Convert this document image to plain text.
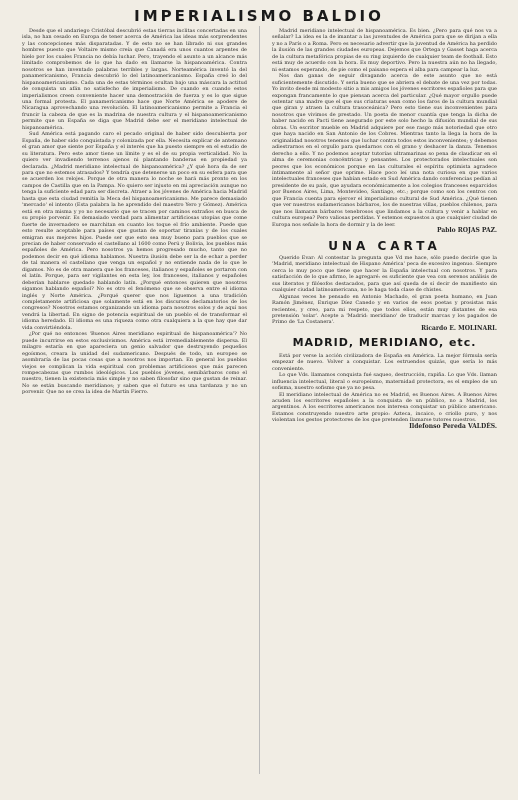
IMPERIALISMO BALDIO

Desde que el andariego Cristóbal descubrió estas tierras ínclitas concertadas en una isla, no han cesado en Europa de tener acerca de América las ideas más sorprendentes y las concepciones más disparatadas. Y de esto no se han librado ni sus grandes hombres puesto que Voltaire mismo creía que Canadá era unos cuantos arpentes de hielo por los cuales Francia no debía luchar. Pero, trayendo el asunto a un alcance más limitado comprobemos de lo que ha dado en llamarse la hispanoamérica. Contra nosotros se han inventado palabras terribles y largas. Norteamérica inventó la del panamericanismo, Francia descubrió lo del latinoamericanismo. España creó lo del hispanoamericanismo. Cada una de estas términos ocultan bajo una máscara la actitud de conquista un afán no satisfecho de imperialismo. De cuando en cuando estos imperialismos creen conveniente hacer una demostración de fuerza y es lo que sigue una formal protesta. El panamericanismo hace que Norte América se apodere de Nicaragua aprovechando una revolución. El latinoamericanismo permite a Francia el fruncir la cabeza de que es la madrina de nuestra cultura y el hispanoamericanismo permite que un España se diga que Madrid debe ser el meridiano intelectual de hispanoamérica.

Sud América está pagando caro el pecado original de haber sido descubierta por España, de haber sido conquistada y colonizada por ella. Necesita explicar de antemano el gran amor que siente por España y el interés que ha puesto siempre en el estudio de su literatura. Pero este amor tiene un límite y es el de su propia verticalidad. No la quiero ver invadiendo terrenos ajenos ni plantando banderas en propiedad ya declarada. ¿Madrid meridiano intelectual de hispanoamérica? ¿Y qué hora da de ser para que no estemos atrasados? Y tendría que detenerse un poco en su esfera para que se acuerden los relojes. Porque de otra manera lo noche se hará más pronto en los campos de Castilla que en la Pampa. No quiero ser injusto en mi apreciación aunque no tenga la suficiente edad para ser discreta. Atraer a los jóvenes de América hacia Madrid hasta que esta ciudad remitía la Meca del hispanoamericanismo. Me parece demasiado 'mercado' el intento (Esta palabra la he aprendido del maestro Yero y Gómez). América está en otra misma y yo no necesario que se tracen por caminos extraños en busca de su propio porvenir. Es demasiado verdad para alimentar artificiosas utopías que come fuerte de invernadero se marchitan en cuanto los toque el frío ambiente. Puede que esto resulte aceptable para países que gustan de soportar tiranías y de los cuales emigran sus mejores hijos. Puede ser que esto sea muy bueno para pueblos que se precian de haber conservado el castellano al 1600 como Perú y Bolivia, los pueblos más españoles de América. Pero nosotros ya hemos progresado mucho, tanto que no podemos decir en qué idioma hablamos. Nuestra ilusión debe ser la de echar a perder de tal manera el castellano que venga un español y no entiende nada de lo que le digamos. No es de otra manera que los franceses, italianos y españoles se portaron con el latín. Porque, para ser vigilantes en esta ley, los franceses, italianos y españoles deberían hablarse quedado hablando latín. ¿Porqué entonces quieren que nosotros sigamos hablando español? No es otro el fenómeno que se observa entre el idioma inglés y Norte América. ¿Porqué querer que nos liguemos a una tradición completamente artificiosa que solamente está en los discursos declamatorios de los congresos? Nosotros estamos organizando un idioma para nosotros solos y de aquí nos vendrá la libertad. En signo de potencia espiritual de un pueblo el de transformar el idioma heredado. El idioma es una riqueza como otra cualquiera a la que hay que dar vida convirtiéndola.

¿Por qué no entonces 'Buenos Aires meridiano espiritual de hispanoamérica'? No puede incurrirse en estos exclusivismos. América está irremediablemente dispersa. El milagro estaría en que apareciera un genio salvador que destruyendo pequeños egoísmos, creara la unidad del sudamericano. Después de todo, un europeo se asombraría de las pocas cosas que a nosotros nos importan. En general los pueblos viejos se complican la vida espiritual con problemas artificiosos que más parecen rompecabezas que rumbos ideológicos. Los pueblos jóvenes, semibárbaros como el nuestro, tienen la existencia más simple y no saben filosofar sino que gustan de reinar. No se están buscando meridianos; y saben que el futuro es una tardanza y no un porvenir. Que no se crea la idea de Martín Fierro.

Madrid meridiano intelectual de hispanoamérica. Es bien. ¿Pero para qué nos va a señalar? La idea es la de imantar a las juventudes de América para que se dirijan a ella y no a París o a Roma. Pero es necesario advertir que la juventud de América ha perdido la ilusión de las grandes ciudades europeas. Dejemos que Ortega y Gasset haga acerca de la cultura metafórica propias de su ring izquierdo de cualquier team de football. Esto está muy de acuerdo con la hora. Es muy deportivo. Pero la nuestra aún no ha llegado, ni estamos esperando, de pie como el paisano espera el alba para campear la luz.

Nos dan ganas de seguir divagando acerca de este asunto que no está suficientemente discutido. Y seria bueno que se abriera el debate de una vez por todas. Yo invito desde mi modesto sitio a mis amigos los jóvenes escritores españoles para que expongan francamente lo que piensan acerca del particular. ¿Qué mayor orgullo puede ostentar una madre que el que sus criaturas sean como los faros de la cultura mundial que giran y atraen la cultura trasoceánica? Pero esto tiene sus inconvenientes para nosotros que vivimos de prestado. Un poeta de menor cuantía que tenga la dicha de haber nacido en Pacti tiene asegurado por este solo hecho la difusión mundial de sus obras. Un escritor mueble en Madrid adquiere por ese rasgo más notoriedad que otro que haya nacido en San Antonio de los Cobres. Mientras tanto la llega la hora de la originalidad nosotros tenemos que luchar contra todos estos inconvenientes; y debemos adiestrarnos en el orgullo para quedarnos con el grano y deshacer la danza. Tenemos derecho a ello. Y no podemos aceptar tutorías ultramarinas so pena de claudicar en el alma de ceremonias concéntricas y pensantes. Los protectorados intelectuales son peores que los económicos porque en las culturales el espíritu optimista agradece íntimamente al señor que oprime. Hace poco leí una nota curiosa en que varios intelectuales franceses que habían estado en Sud América dando conferencias pedían al presidente de su país, que ayudara económicamente a los colegios franceses esparcidos por Buenos Aires, Lima, Montevideo, Santiago, etc.; porque como son los centros con que Francia cuenta para ejercer el imperialismo cultural de Sud América. ¿Qué tienen que ver nuestros sudamericanos bárbaros, los de nuestras villas, pueblos chilenos, para que nos llamaran bárbaros tenebrosos que lindamos a la cultura y venir a hablar en cultura europea? Pero valiosas perdidas. Y estemos expuestos a que cualquier ciudad de Europa nos señale la hora de dormir y la de leer.

Pablo ROJAS PAZ.

UNA CARTA

Querido Evar: Al contestar la pregunta que Vd me hace, sólo puedo decirle que la 'Madrid, meridiano intelectual de Hispano América' peca de excesivo ingenuo. Siempre cerca lo muy poco que tiene que hacer la España intelectual con nosotros. Y para satisfacción de lo que afirmo, le agregaré: es suficiente que vea con serenos análisis de sus literatos y filósofos destacados, para que así queda de sí decir de manifiesto sin cualquier ciudad latinoamericana, no le haga toda clase de chistes.

Algunas veces he pensado en Antonio Machado, el gran poeta humano, en Juan Ramón Jiménez, Enrique Díez Canedo y en varios de esos poetas y prosistas más recientes, y creo, para mi respeto, que todos ellos, están muy distantes de esa pretensión 'solar'. Acepte a 'Madrid: meridiano' de traducir marcas y los pagados de Primo de 'La Costanera'.

Ricardo E. MOLINARI.

MADRID, MERIDIANO, etc.

Está por verse la acción civilizadora de España en América. La mejor fórmula sería empezar de nuevo. Volver a conquistar. Los estruendos quizás, que sería lo más conveniente.

Lo que Vds. llamamos conquista fué saqueo, destrucción, rapiña. Lo que Vds. llaman influencia intelectual, literal o europeísmo, maternidad protectora, es el empleo de un sofisma, nuestro sofismo que ya no pesa.

El meridiano intelectual de América no es Madrid, es Buenos Aires. A Buenos Aires acuden los escritores españoles a la conquista de un público, no a Madrid, los argentinos. A los escritores americanos nos interesa conquistar un público americano. Estamos construyendo nuestro arte propio: Azteca, incaico, o criollo puro, y nos violentan los gestos protectores de los que pretenden llamarse tutores nuestros.

Ildefonso Pereda VALDÉS.
